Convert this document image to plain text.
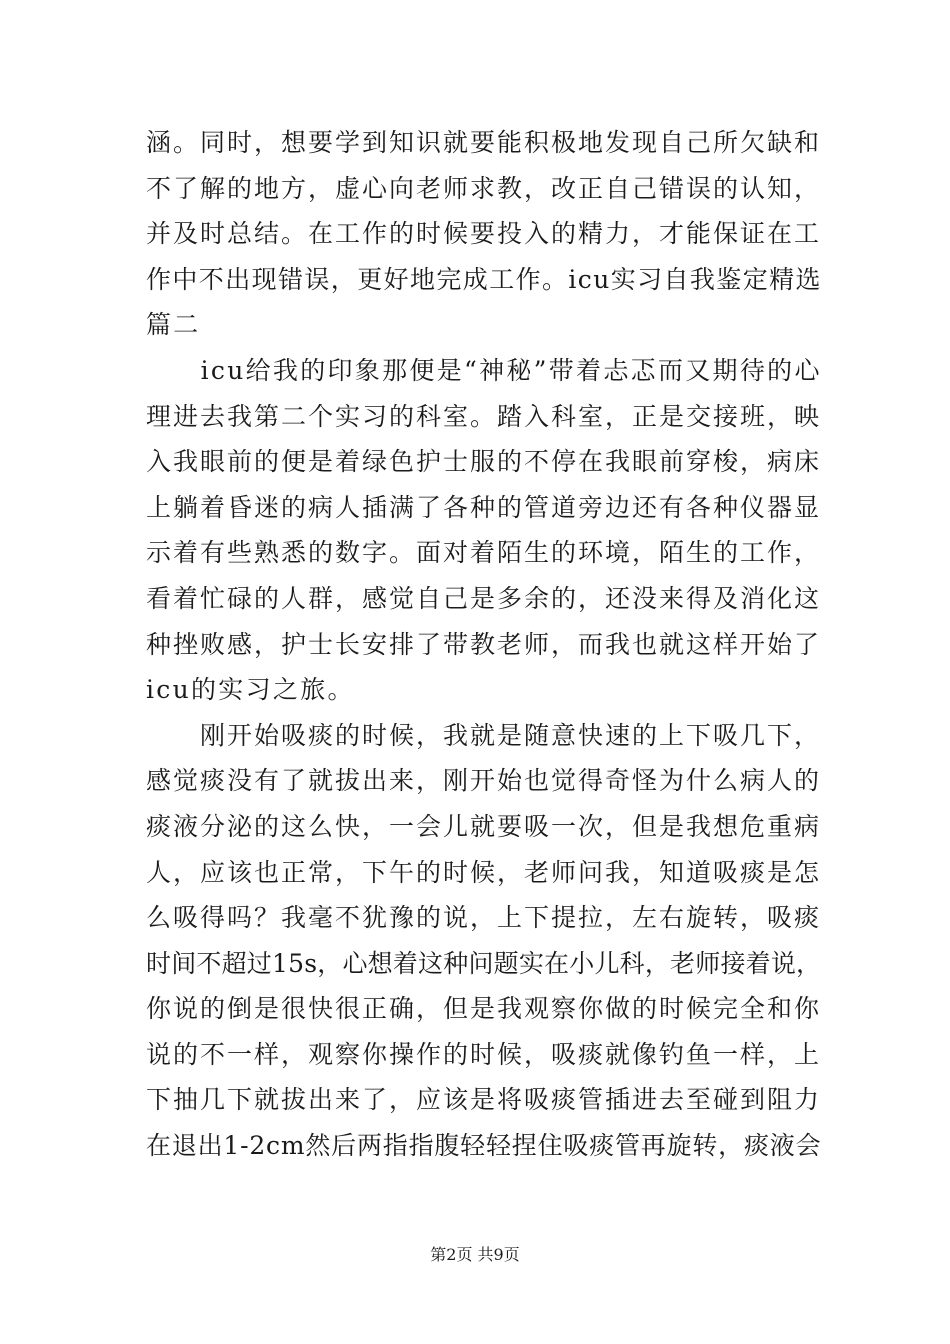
涵。同时，想要学到知识就要能积极地发现自己所欠缺和
不了解的地方，虚心向老师求教，改正自己错误的认知，
并及时总结。在工作的时候要投入的精力，才能保证在工
作中不出现错误，更好地完成工作。icu实习自我鉴定精选
篇二
　　icu给我的印象那便是“神秘”带着忐忑而又期待的心
理进去我第二个实习的科室。踏入科室，正是交接班，映
入我眼前的便是着绿色护士服的不停在我眼前穿梭，病床
上躺着昏迷的病人插满了各种的管道旁边还有各种仪器显
示着有些熟悉的数字。面对着陌生的环境，陌生的工作，
看着忙碌的人群，感觉自己是多余的，还没来得及消化这
种挫败感，护士长安排了带教老师，而我也就这样开始了
icu的实习之旅。
　　刚开始吸痰的时候，我就是随意快速的上下吸几下，
感觉痰没有了就拔出来，刚开始也觉得奇怪为什么病人的
痰液分泌的这么快，一会儿就要吸一次，但是我想危重病
人，应该也正常，下午的时候，老师问我，知道吸痰是怎
么吸得吗？我毫不犹豫的说，上下提拉，左右旋转，吸痰
时间不超过15s，心想着这种问题实在小儿科，老师接着说，
你说的倒是很快很正确，但是我观察你做的时候完全和你
说的不一样，观察你操作的时候，吸痰就像钓鱼一样，上
下抽几下就拔出来了，应该是将吸痰管插进去至碰到阻力
在退出1-2cm然后两指指腹轻轻捏住吸痰管再旋转，痰液会
第2页 共9页
